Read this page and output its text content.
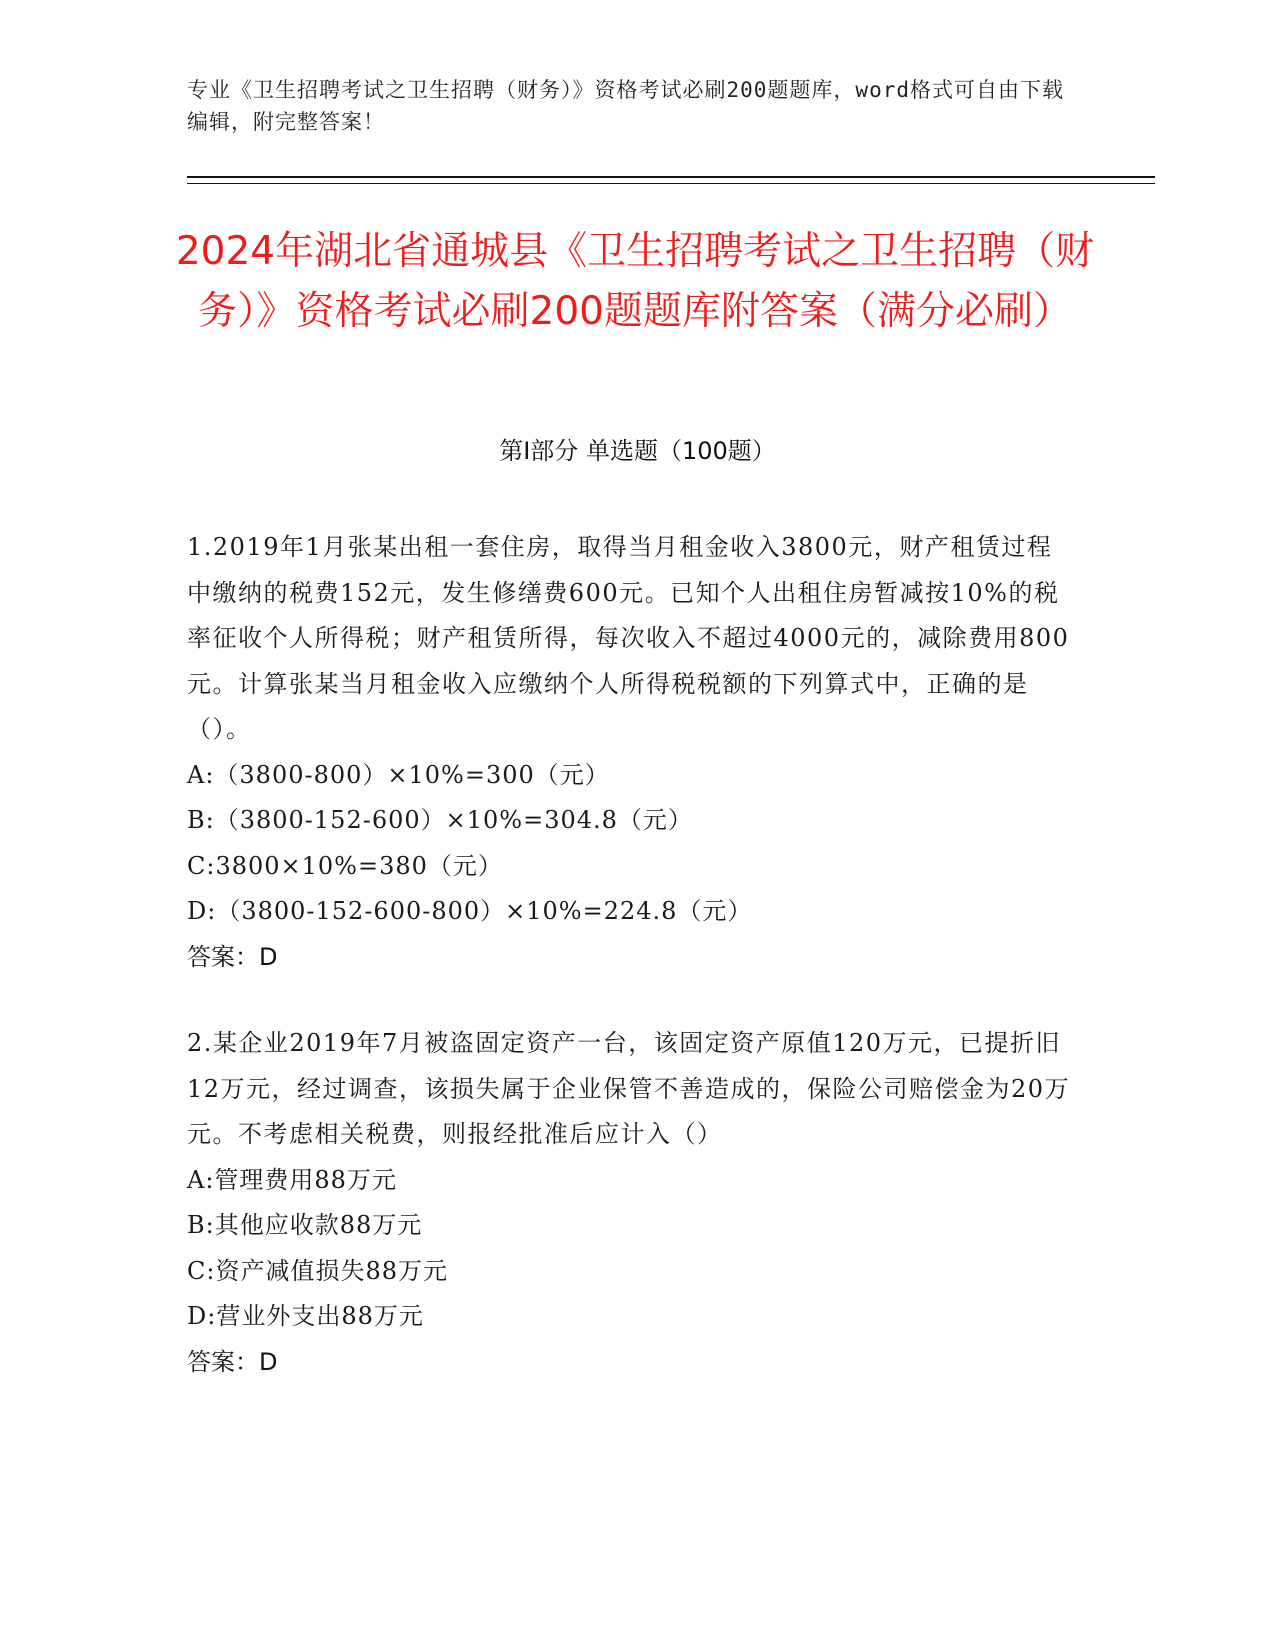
专业《卫生招聘考试之卫生招聘（财务）》资格考试必刷200题题库，word格式可自由下载编辑，附完整答案！
2024年湖北省通城县《卫生招聘考试之卫生招聘（财务）》资格考试必刷200题题库附答案（满分必刷）
第Ⅰ部分 单选题（100题）
1.2019年1月张某出租一套住房，取得当月租金收入3800元，财产租赁过程中缴纳的税费152元，发生修缮费600元。已知个人出租住房暂减按10%的税率征收个人所得税；财产租赁所得，每次收入不超过4000元的，减除费用800元。计算张某当月租金收入应缴纳个人所得税税额的下列算式中，正确的是（）。
A:（3800-800）×10%=300（元）
B:（3800-152-600）×10%=304.8（元）
C:3800×10%=380（元）
D:（3800-152-600-800）×10%=224.8（元）
答案：D
2.某企业2019年7月被盗固定资产一台，该固定资产原值120万元，已提折旧12万元，经过调查，该损失属于企业保管不善造成的，保险公司赔偿金为20万元。不考虑相关税费，则报经批准后应计入（）
A:管理费用88万元
B:其他应收款88万元
C:资产减值损失88万元
D:营业外支出88万元
答案：D
